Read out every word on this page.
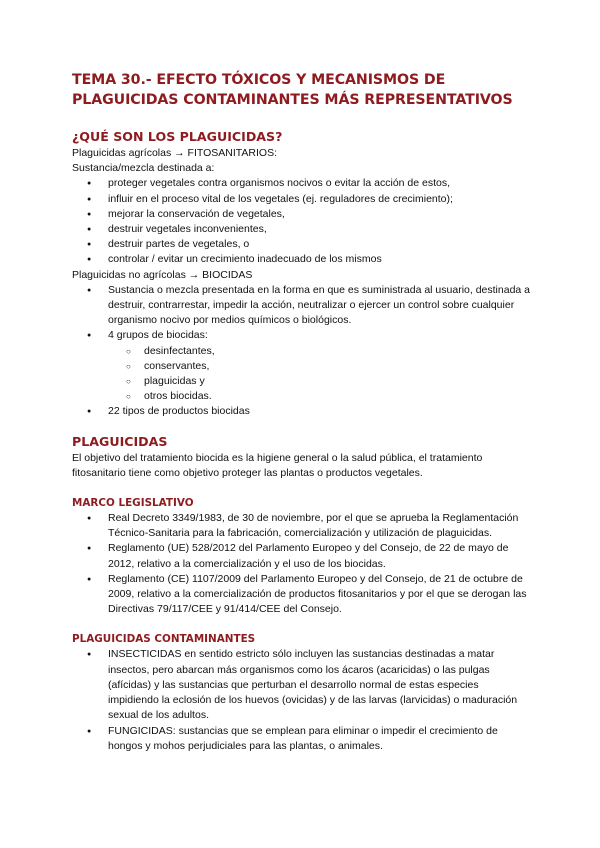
TEMA 30.- EFECTO TÓXICOS Y MECANISMOS DE PLAGUICIDAS CONTAMINANTES MÁS REPRESENTATIVOS
¿QUÉ SON LOS PLAGUICIDAS?

Plaguicidas agrícolas → FITOSANITARIOS:

Sustancia/mezcla destinada a:

● proteger vegetales contra organismos nocivos o evitar la acción de estos,
● influir en el proceso vital de los vegetales (ej. reguladores de crecimiento);
● mejorar la conservación de vegetales,
● destruir vegetales inconvenientes,
● destruir partes de vegetales, o
● controlar / evitar un crecimiento inadecuado de los mismos

Plaguicidas no agrícolas → BIOCIDAS

● Sustancia o mezcla presentada en la forma en que es suministrada al usuario, destinada a destruir, contrarrestar, impedir la acción, neutralizar o ejercer un control sobre cualquier organismo nocivo por medios químicos o biológicos.
● 4 grupos de biocidas:
○ desinfectantes,
○ conservantes,
○ plaguicidas y
○ otros biocidas.
● 22 tipos de productos biocidas
PLAGUICIDAS

El objetivo del tratamiento biocida es la higiene general o la salud pública, el tratamiento fitosanitario tiene como objetivo proteger las plantas o productos vegetales.

MARCO LEGISLATIVO
● Real Decreto 3349/1983, de 30 de noviembre, por el que se aprueba la Reglamentación Técnico-Sanitaria para la fabricación, comercialización y utilización de plaguicidas.
● Reglamento (UE) 528/2012 del Parlamento Europeo y del Consejo, de 22 de mayo de 2012, relativo a la comercialización y el uso de los biocidas.
● Reglamento (CE) 1107/2009 del Parlamento Europeo y del Consejo, de 21 de octubre de 2009, relativo a la comercialización de productos fitosanitarios y por el que se derogan las Directivas 79/117/CEE y 91/414/CEE del Consejo.
PLAGUICIDAS CONTAMINANTES
● INSECTICIDAS en sentido estricto sólo incluyen las sustancias destinadas a matar insectos, pero abarcan más organismos como los ácaros (acaricidas) o las pulgas (afícidas) y las sustancias que perturban el desarrollo normal de estas especies impidiendo la eclosión de los huevos (ovicidas) y de las larvas (larvicidas) o maduración sexual de los adultos.
● FUNGICIDAS: sustancias que se emplean para eliminar o impedir el crecimiento de hongos y mohos perjudiciales para las plantas, o animales.
